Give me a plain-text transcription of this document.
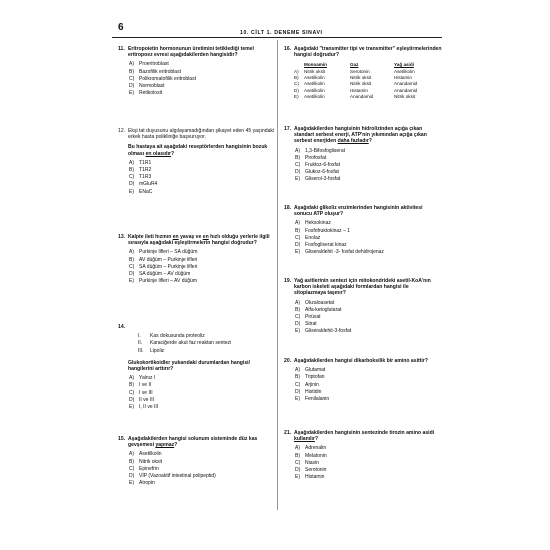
6	10. CİLT 1. DENEME SINAVI
11. Eritropoietin hormonunun üretimini tetiklediği temel eritropoez evresi aşağıdakilerden hangisidir?
A)	Proeritroblast
B)	Bazofilik eritroblast
C) Polikromatofilik eritroblast
D) Normoblast
E)	Retikolosit
12. Ekşi tat duyusunu algılayamadığından şikayet eden 45 yaşındaki erkek hasta polikliniğe başvuruyor.
Bu hastaya ait aşağıdaki reseptörlerden hangisinin bozuk olması en olasıdır?
A)	T1R1
B)	T1R2
C) T1R3
D) mGluR4
E)	ENaC
13. Kalpte ileti hızının en yavaş ve en hızlı olduğu yerlerle ilgili sırasıyla aşağıdaki eşleştirmelerin hangisi doğrudur?
A)	Purkinje lifleri – SA düğüm
B)	AV düğüm – Purkinje lifleri
C) SA düğüm – Purkinje lifleri
D) SA düğüm – AV düğüm
E)	Purkinje lifleri – AV düğüm
14.
I.	Kas dokusunda proteoliz
II.	Karaciğerde akut faz reaktan sentezi
III.	Lipoliz
Glukokortikoidler yukarıdaki durumlardan hangisi/ hangilerini arttırır?
A)	Yalnız I
B)	I ve II
C) I ve III
D) II ve III
E)	I, II ve III
15. Aşağıdakilerden hangisi solunum sisteminde düz kas gevşemesi yapmaz?
A)	Asetilkolin
B)	Nitrik oksit
C) Epinefrin
D) VİP (Vazoaktif intestinal polipeptid)
E)	Atropin
16. Aşağıdaki "transmitter tipi ve transmitter" eşleştirmelerinden hangisi doğrudur?
Monoamin	Gaz	Yağ asidi
A)	Nitrik oksit	Serotonin	Asetilkolin
B)	Asetilkolin	Nitrik oksit	Histamin
C)	Asetilkolin	Nitrik oksit	Anandamid
D)	Asetilkolin	Histamin	Anandamid
E)	Asetilkolin	Anandamid	Nitrik oksit
17. Aşağıdakilerden hangisinin hidrolizinden açığa çıkan standart serbest enerji, ATP'nin yıkımından açığa çıkan serbest enerjiden daha fazladır?
A)	1,3-Bifosfogliserat
B)	Pirofosfat
C) Fruktoz-6-fosfat
D) Glukoz-6-fosfat
E)	Gliserol-3-fosfat
18. Aşağıdaki glikoliz enzimlerinden hangisinin aktivitesi sonucu ATP oluşur?
A)	Heksokinaz
B)	Fosfofruktokinaz – 1
C) Enolaz
D) Fosfogliserat kinaz
E)	Gliseraldehit -3- fosfat dehidrojenaz
19. Yağ asitlerinin sentezi için mitokondrideki asetil-KoA'nın karbon iskeleti aşağıdaki formlardan hangisi ile sitoplazmaya taşınır?
A)	Okzaloasetat
B)	Alfa-ketoglutarat
C) Pirüvat
D) Sitrat
E)	Gliseraldehit-3-fosfat
20. Aşağıdakilerden hangisi dikarboksilik bir amino asittir?
A)	Glutamat
B)	Triptofan
C) Arjinin
D) Histidin
E)	Fenilalanin
21. Aşağıdakilerden hangisinin sentezinde tirozin amino asidi kullanılır?
A)	Adrenalin
B)	Melatonin
C) Niasin
D) Serotonin
E)	Histamin
